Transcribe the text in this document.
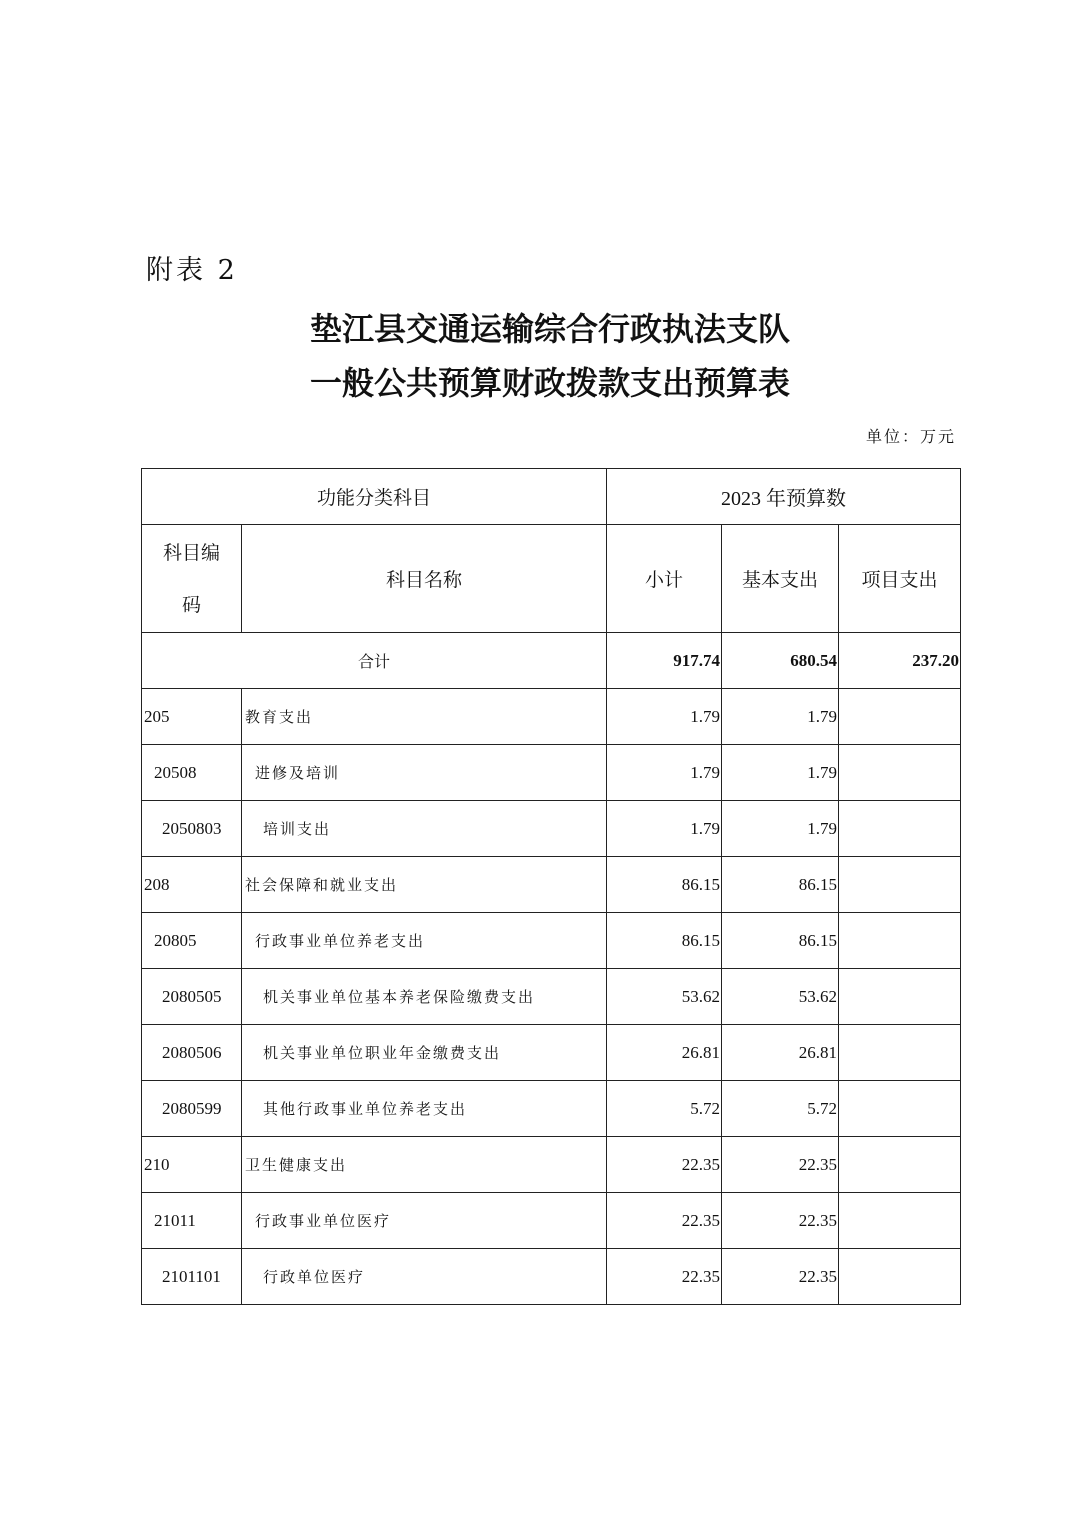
附表 2
垫江县交通运输综合行政执法支队
一般公共预算财政拨款支出预算表
单位：万元
功能分类科目		2023 年预算数		

科目编
码	科目名称	小计	基本支出	项目支出
合计		917.74	680.54	237.20
205	教育支出	1.79	1.79	
20508	进修及培训	1.79	1.79	
2050803	培训支出	1.79	1.79	
208	社会保障和就业支出	86.15	86.15	
20805	行政事业单位养老支出	86.15	86.15	
2080505	机关事业单位基本养老保险缴费支出	53.62	53.62	
2080506	机关事业单位职业年金缴费支出	26.81	26.81	
2080599	其他行政事业单位养老支出	5.72	5.72	
210	卫生健康支出	22.35	22.35	
21011	行政事业单位医疗	22.35	22.35	
2101101	行政单位医疗	22.35	22.35	
